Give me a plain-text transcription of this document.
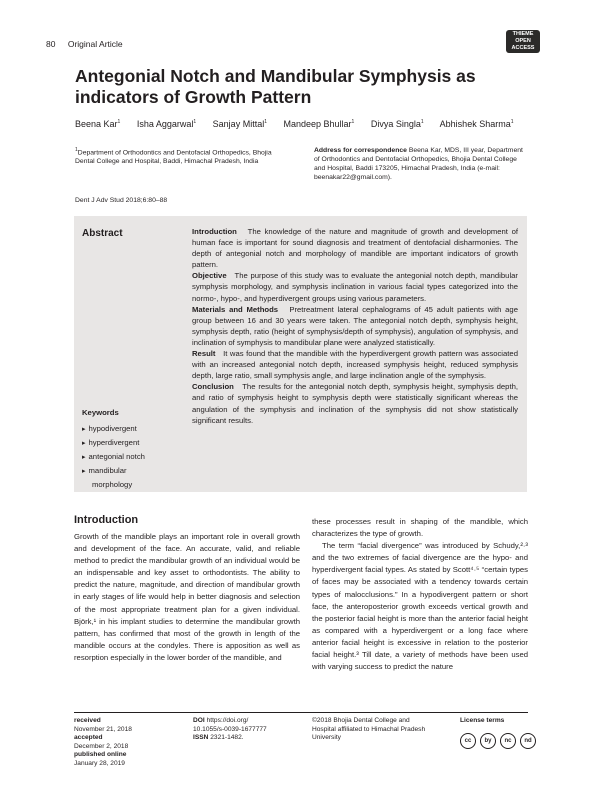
80 Original Article
THIEME
OPEN
ACCESS
Antegonial Notch and Mandibular Symphysis as indicators of Growth Pattern
Beena Kar$^1$ Isha Aggarwal$^1$ Sanjay Mittal$^1$ Mandeep Bhullar$^1$ Divya Singla$^1$ Abhishek Sharma$^1$
$^1$Department of Orthodontics and Dentofacial Orthopedics, Bhojia Dental College and Hospital, Baddi, Himachal Pradesh, India
Address for correspondence Beena Kar, MDS, III year, Department of Orthodontics and Dentofacial Orthopedics, Bhojia Dental College and Hospital, Baddi 173205, Himachal Pradesh, India (e-mail: beenakar22@gmail.com).
Dent J Adv Stud 2018;6:80–88
Abstract	Introduction The knowledge of the nature and magnitude of growth and development of human face is important for sound diagnosis and treatment of dentofacial disharmonies. The depth of antegonial notch and morphology of mandible are important indicators of growth pattern.
Objective The purpose of this study was to evaluate the antegonial notch depth, mandibular symphysis morphology, and symphysis inclination in various facial types categorized into the normo-, hypo-, and hyperdivergent groups using various parameters.
Materials and Methods Pretreatment lateral cephalograms of 45 adult patients with age group between 16 and 30 years were taken. The antegonial notch depth, symphysis height, symphysis depth, ratio (height of symphysis/depth of symphysis), angulation of symphysis, and inclination of symphysis to mandibular plane were analyzed statistically.
Result It was found that the mandible with the hyperdivergent growth pattern was associated with an increased antegonial notch depth, increased symphysis height, reduced symphysis depth, large ratio, small symphysis angle, and large inclination angle of the symphysis.
Conclusion The results for the antegonial notch depth, symphysis height, symphysis depth, and ratio of symphysis height to symphysis depth were statistically significant whereas the angulation of the symphysis and inclination of the symphysis did not show statistically significant results.
Keywords
▸ hypodivergent
▸ hyperdivergent
▸ antegonial notch
▸ mandibular
morphology
Introduction
Growth of the mandible plays an important role in overall growth and development of the face. An accurate, valid, and reliable method to predict the mandibular growth of an individual would be an indispensable and key asset to orthodontists. The ability to predict the nature, magnitude, and direction of mandibular growth in early stages of life would help in better diagnosis and selection of the most appropriate treatment plan for a given individual. Björk,¹ in his implant studies to determine the mandibular growth pattern, has confirmed that most of the growth in length of the mandible occurs at the condyles. There is apposition as well as resorption especially in the lower border of the mandible, and
these processes result in shaping of the mandible, which characterizes the type of growth.
The term “facial divergence” was introduced by Schudy,²·³ and the two extremes of facial divergence are the hypo- and hyperdivergent facial types. As stated by Scott⁴·⁵ “certain types of faces may be associated with a tendency towards certain types of malocclusions.” In a hypodivergent pattern or short face, the anteroposterior growth exceeds vertical growth and the posterior facial height is more than the anterior facial height as compared with a hyperdivergent or a long face where anterior facial height is excessive in relation to the posterior facial height.³ Till date, a variety of methods have been used with varying success to predict the nature
received
November 21, 2018
accepted
December 2, 2018
published online
January 28, 2019
DOI https://doi.org/
10.1055/s-0039-1677777
ISSN 2321-1482.
©2018 Bhojia Dental College and Hospital affiliated to Himachal Pradesh University
License terms
cc by nc nd
